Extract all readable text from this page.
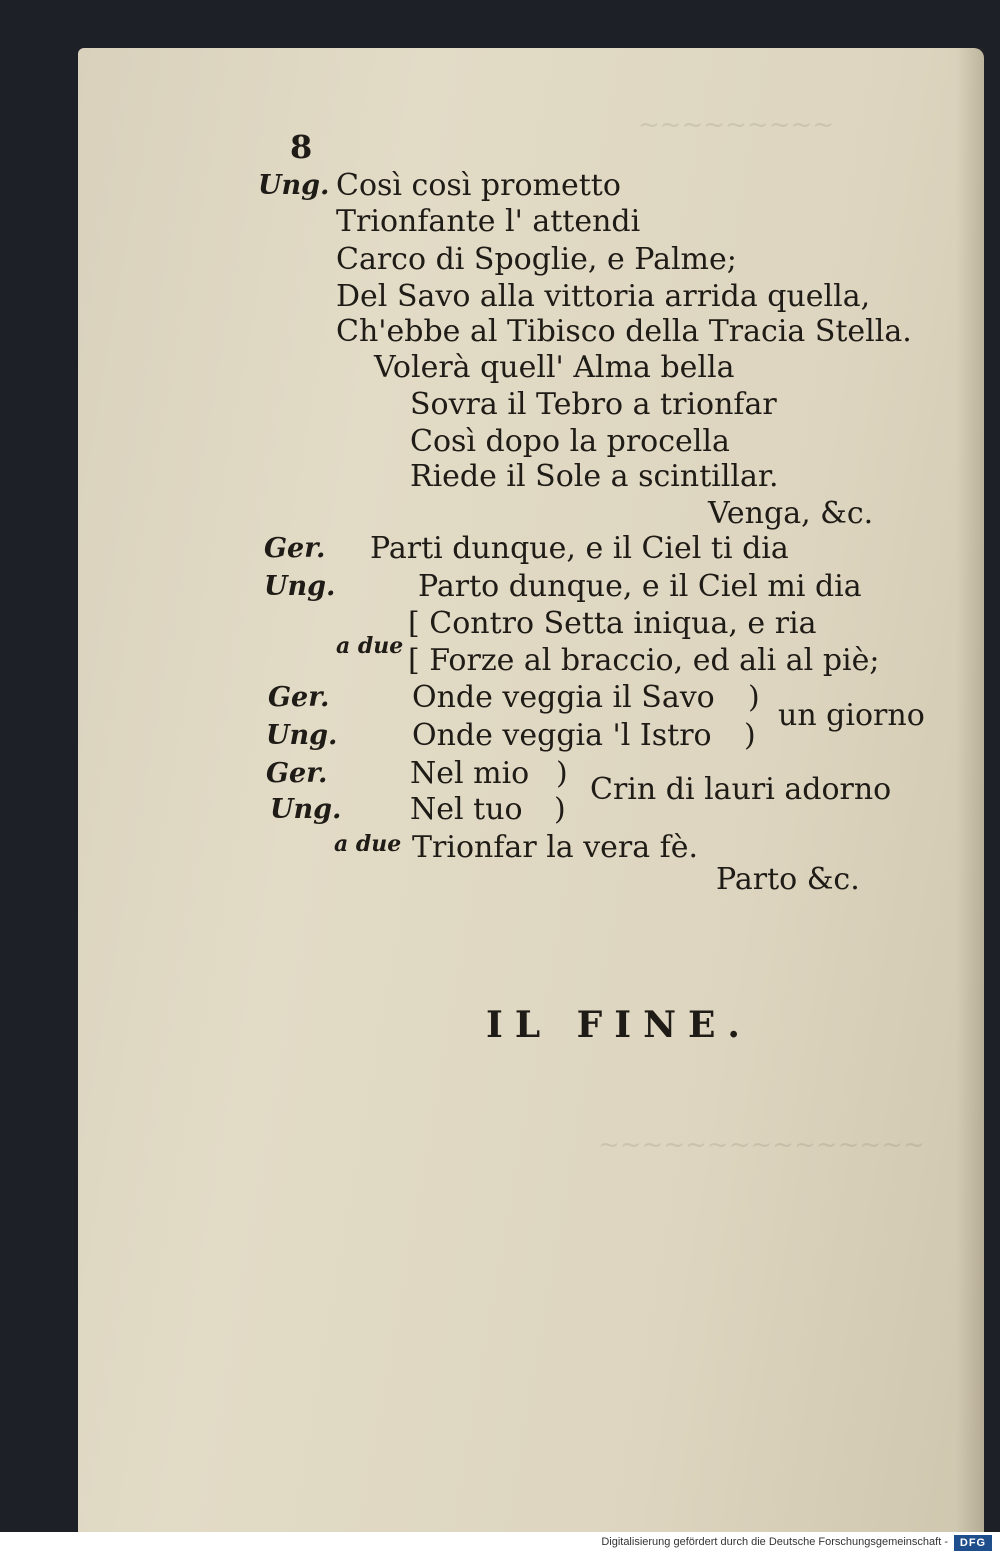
~~~~~~~~~
~~~~~~~~~~~~~~~
8
Ung.
Ger.
Ung.
a due
Ger.
Ung.
Ger.
Ung.
a due
Così così prometto
Trionfante l' attendi
Carco di Spoglie, e Palme;
Del Savo alla vittoria arrida quella,
Ch'ebbe al Tibisco della Tracia Stella.
Volerà quell' Alma bella
Sovra il Tebro a trionfar
Così dopo la procella
Riede il Sole a scintillar.
Venga, &c.
Parti dunque, e il Ciel ti dia
Parto dunque, e il Ciel mi dia
[ Contro Setta iniqua, e ria
[ Forze al braccio, ed ali al piè;
Onde veggia il Savo
Onde veggia 'l Istro
un giorno
Nel mio
Nel tuo
Crin di lauri adorno
Trionfar la vera fè.
Parto &c.
)
)
)
)
IL FINE.
Digitalisierung gefördert durch die Deutsche Forschungsgemeinschaft -	DFG
